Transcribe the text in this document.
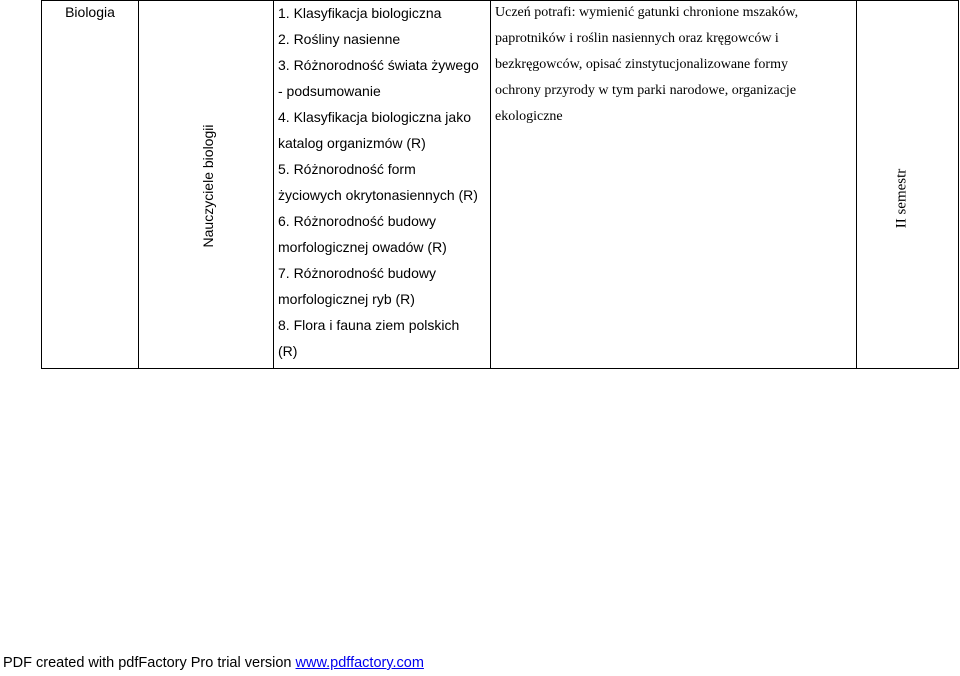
Biologia
Nauczyciele biologii
1. Klasyfikacja biologiczna
2. Rośliny nasienne
3. Różnorodność świata żywego
- podsumowanie
4. Klasyfikacja biologiczna jako
katalog organizmów (R)
5. Różnorodność form
życiowych okrytonasiennych (R)
6. Różnorodność budowy
morfologicznej owadów (R)
7. Różnorodność budowy
morfologicznej ryb (R)
8. Flora i fauna ziem polskich
(R)
Uczeń potrafi: wymienić gatunki chronione mszaków,
paprotników i roślin nasiennych oraz kręgowców i
bezkręgowców, opisać zinstytucjonalizowane formy
ochrony przyrody w tym parki narodowe, organizacje
ekologiczne
II semestr
PDF created with pdfFactory Pro trial version www.pdffactory.com
